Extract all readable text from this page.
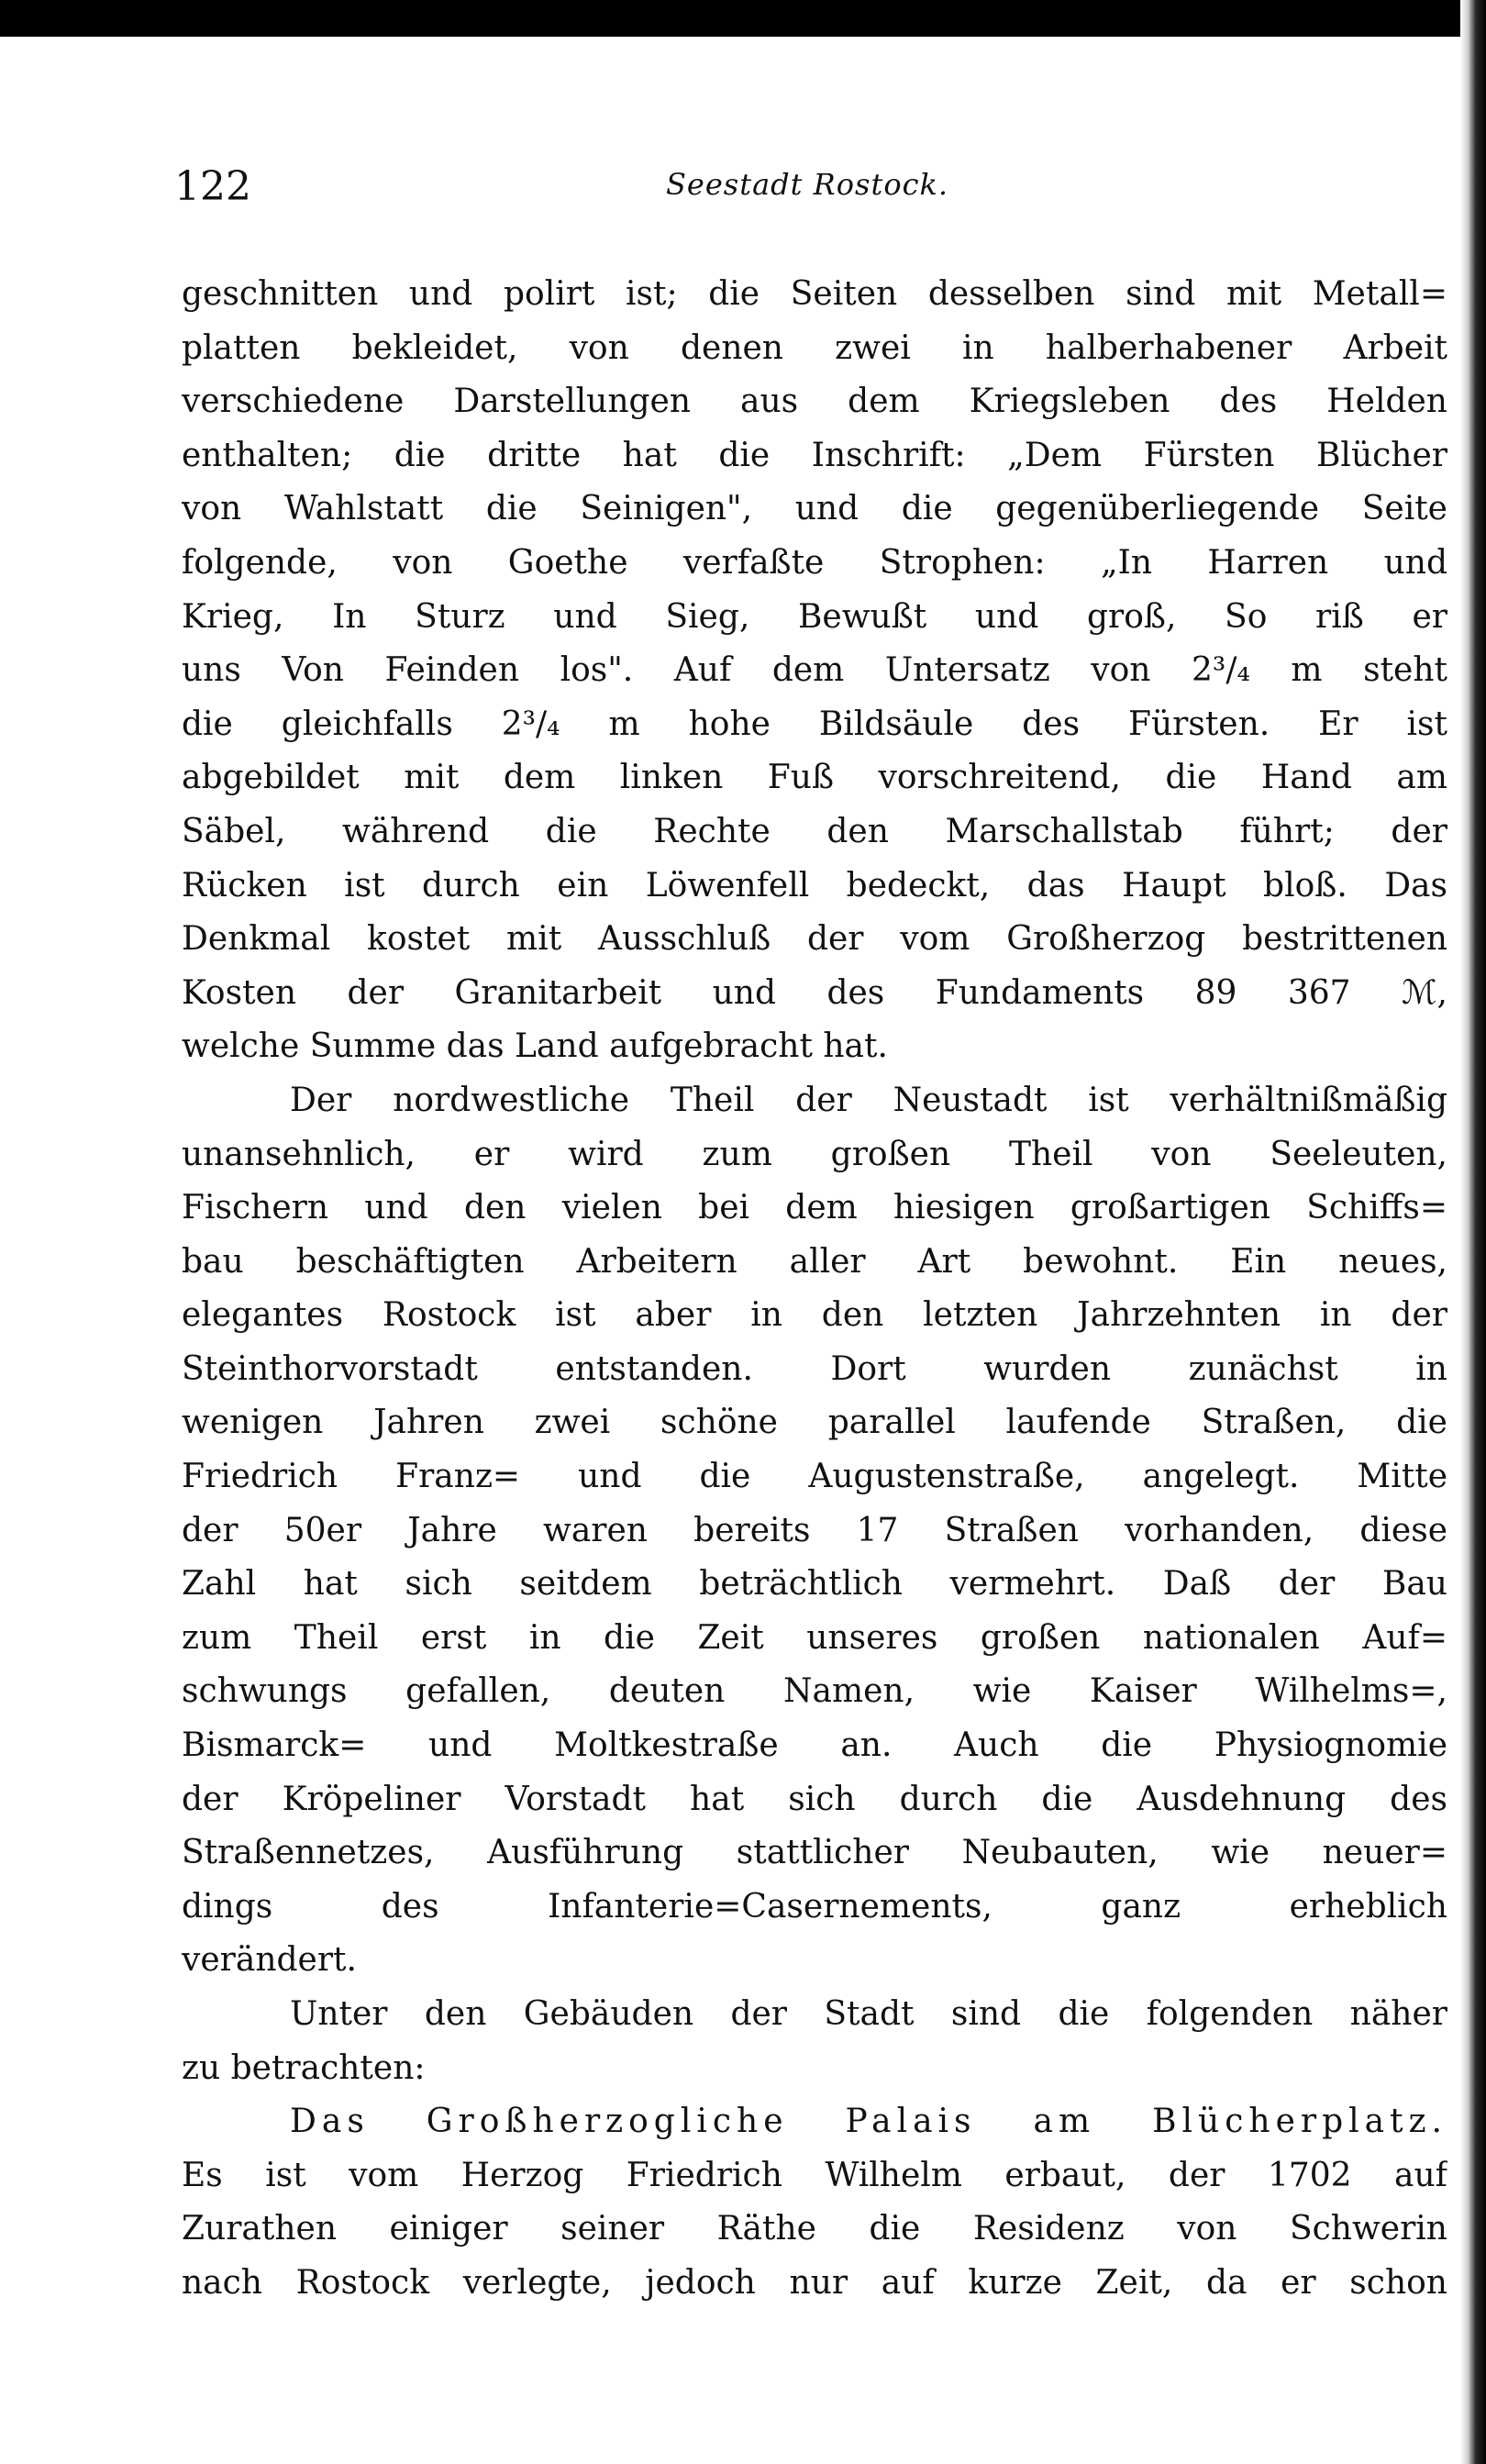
122	Seestadt Rostock.
geschnitten und polirt ist; die Seiten desselben sind mit Metall=
platten bekleidet, von denen zwei in halberhabener Arbeit
verschiedene Darstellungen aus dem Kriegsleben des Helden
enthalten; die dritte hat die Inschrift: „Dem Fürsten Blücher
von Wahlstatt die Seinigen", und die gegenüberliegende Seite
folgende, von Goethe verfaßte Strophen: „In Harren und
Krieg, In Sturz und Sieg, Bewußt und groß, So riß er
uns Von Feinden los". Auf dem Untersatz von 2³/₄ m steht
die gleichfalls 2³/₄ m hohe Bildsäule des Fürsten. Er ist
abgebildet mit dem linken Fuß vorschreitend, die Hand am
Säbel, während die Rechte den Marschallstab führt; der
Rücken ist durch ein Löwenfell bedeckt, das Haupt bloß. Das
Denkmal kostet mit Ausschluß der vom Großherzog bestrittenen
Kosten der Granitarbeit und des Fundaments 89 367 ℳ,
welche Summe das Land aufgebracht hat.
Der nordwestliche Theil der Neustadt ist verhältnißmäßig
unansehnlich, er wird zum großen Theil von Seeleuten,
Fischern und den vielen bei dem hiesigen großartigen Schiffs=
bau beschäftigten Arbeitern aller Art bewohnt. Ein neues,
elegantes Rostock ist aber in den letzten Jahrzehnten in der
Steinthorvorstadt entstanden. Dort wurden zunächst in
wenigen Jahren zwei schöne parallel laufende Straßen, die
Friedrich Franz= und die Augustenstraße, angelegt. Mitte
der 50er Jahre waren bereits 17 Straßen vorhanden, diese
Zahl hat sich seitdem beträchtlich vermehrt. Daß der Bau
zum Theil erst in die Zeit unseres großen nationalen Auf=
schwungs gefallen, deuten Namen, wie Kaiser Wilhelms=,
Bismarck= und Moltkestraße an. Auch die Physiognomie
der Kröpeliner Vorstadt hat sich durch die Ausdehnung des
Straßennetzes, Ausführung stattlicher Neubauten, wie neuer=
dings des Infanterie=Casernements, ganz erheblich
verändert.
Unter den Gebäuden der Stadt sind die folgenden näher
zu betrachten:
Das Großherzogliche Palais am Blücherplatz.
Es ist vom Herzog Friedrich Wilhelm erbaut, der 1702 auf
Zurathen einiger seiner Räthe die Residenz von Schwerin
nach Rostock verlegte, jedoch nur auf kurze Zeit, da er schon
